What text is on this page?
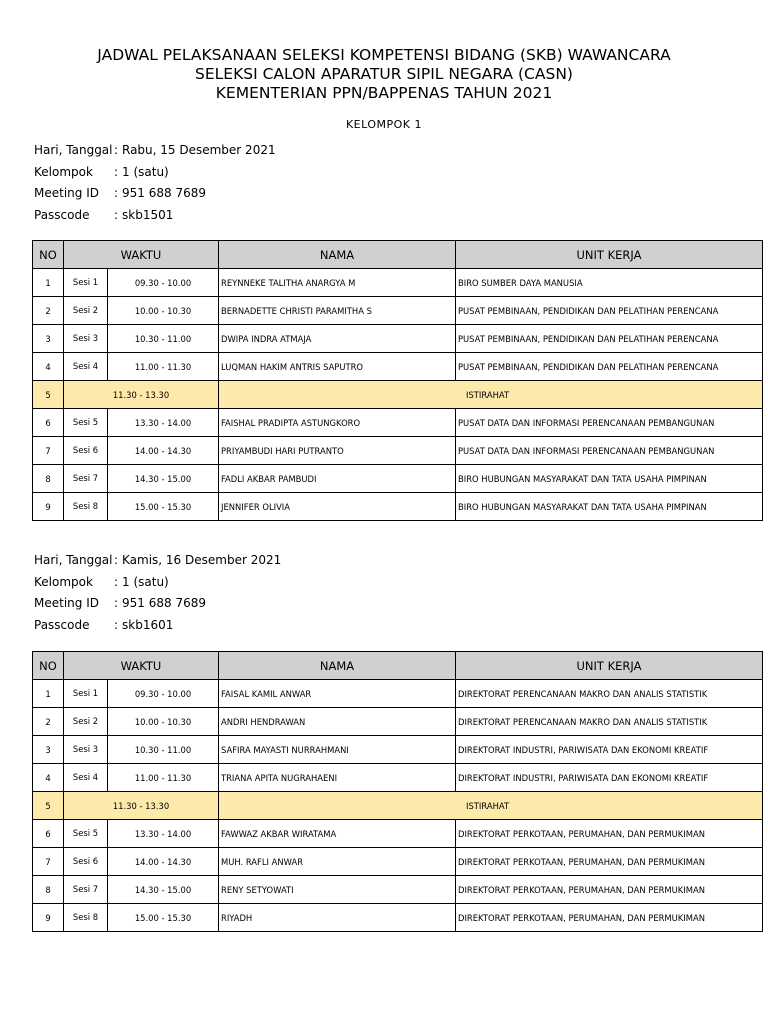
JADWAL PELAKSANAAN SELEKSI KOMPETENSI BIDANG (SKB) WAWANCARA
SELEKSI CALON APARATUR SIPIL NEGARA (CASN)
KEMENTERIAN PPN/BAPPENAS TAHUN 2021
KELOMPOK 1
Hari, Tanggal : Rabu, 15 Desember 2021
Kelompok	: 1 (satu)
Meeting ID	: 951 688 7689
Passcode	: skb1501
NO	WAKTU	NAMA	UNIT KERJA
1	Sesi 1 09.30 - 10.00	REYNNEKE TALITHA ANARGYA M	BIRO SUMBER DAYA MANUSIA
2	Sesi 2 10.00 - 10.30	BERNADETTE CHRISTI PARAMITHA S	PUSAT PEMBINAAN, PENDIDIKAN DAN PELATIHAN PERENCANA
3	Sesi 3 10.30 - 11.00	DWIPA INDRA ATMAJA	PUSAT PEMBINAAN, PENDIDIKAN DAN PELATIHAN PERENCANA
4	Sesi 4 11.00 - 11.30	LUQMAN HAKIM ANTRIS SAPUTRO	PUSAT PEMBINAAN, PENDIDIKAN DAN PELATIHAN PERENCANA
5	11.30 - 13.30	ISTIRAHAT	
6	Sesi 5 13.30 - 14.00	FAISHAL PRADIPTA ASTUNGKORO	PUSAT DATA DAN INFORMASI PERENCANAAN PEMBANGUNAN
7	Sesi 6 14.00 - 14.30	PRIYAMBUDI HARI PUTRANTO	PUSAT DATA DAN INFORMASI PERENCANAAN PEMBANGUNAN
8	Sesi 7 14.30 - 15.00	FADLI AKBAR PAMBUDI	BIRO HUBUNGAN MASYARAKAT DAN TATA USAHA PIMPINAN
9	Sesi 8 15.00 - 15.30	JENNIFER OLIVIA	BIRO HUBUNGAN MASYARAKAT DAN TATA USAHA PIMPINAN
Hari, Tanggal : Kamis, 16 Desember 2021
Kelompok	: 1 (satu)
Meeting ID	: 951 688 7689
Passcode	: skb1601
NO	WAKTU	NAMA	UNIT KERJA
1	Sesi 1 09.30 - 10.00	FAISAL KAMIL ANWAR	DIREKTORAT PERENCANAAN MAKRO DAN ANALIS STATISTIK
2	Sesi 2 10.00 - 10.30	ANDRI HENDRAWAN	DIREKTORAT PERENCANAAN MAKRO DAN ANALIS STATISTIK
3	Sesi 3 10.30 - 11.00	SAFIRA MAYASTI NURRAHMANI	DIREKTORAT INDUSTRI, PARIWISATA DAN EKONOMI KREATIF
4	Sesi 4 11.00 - 11.30	TRIANA APITA NUGRAHAENI	DIREKTORAT INDUSTRI, PARIWISATA DAN EKONOMI KREATIF
5	11.30 - 13.30	ISTIRAHAT	
6	Sesi 5 13.30 - 14.00	FAWWAZ AKBAR WIRATAMA	DIREKTORAT PERKOTAAN, PERUMAHAN, DAN PERMUKIMAN
7	Sesi 6 14.00 - 14.30	MUH. RAFLI ANWAR	DIREKTORAT PERKOTAAN, PERUMAHAN, DAN PERMUKIMAN
8	Sesi 7 14.30 - 15.00	RENY SETYOWATI	DIREKTORAT PERKOTAAN, PERUMAHAN, DAN PERMUKIMAN
9	Sesi 8 15.00 - 15.30	RIYADH	DIREKTORAT PERKOTAAN, PERUMAHAN, DAN PERMUKIMAN
